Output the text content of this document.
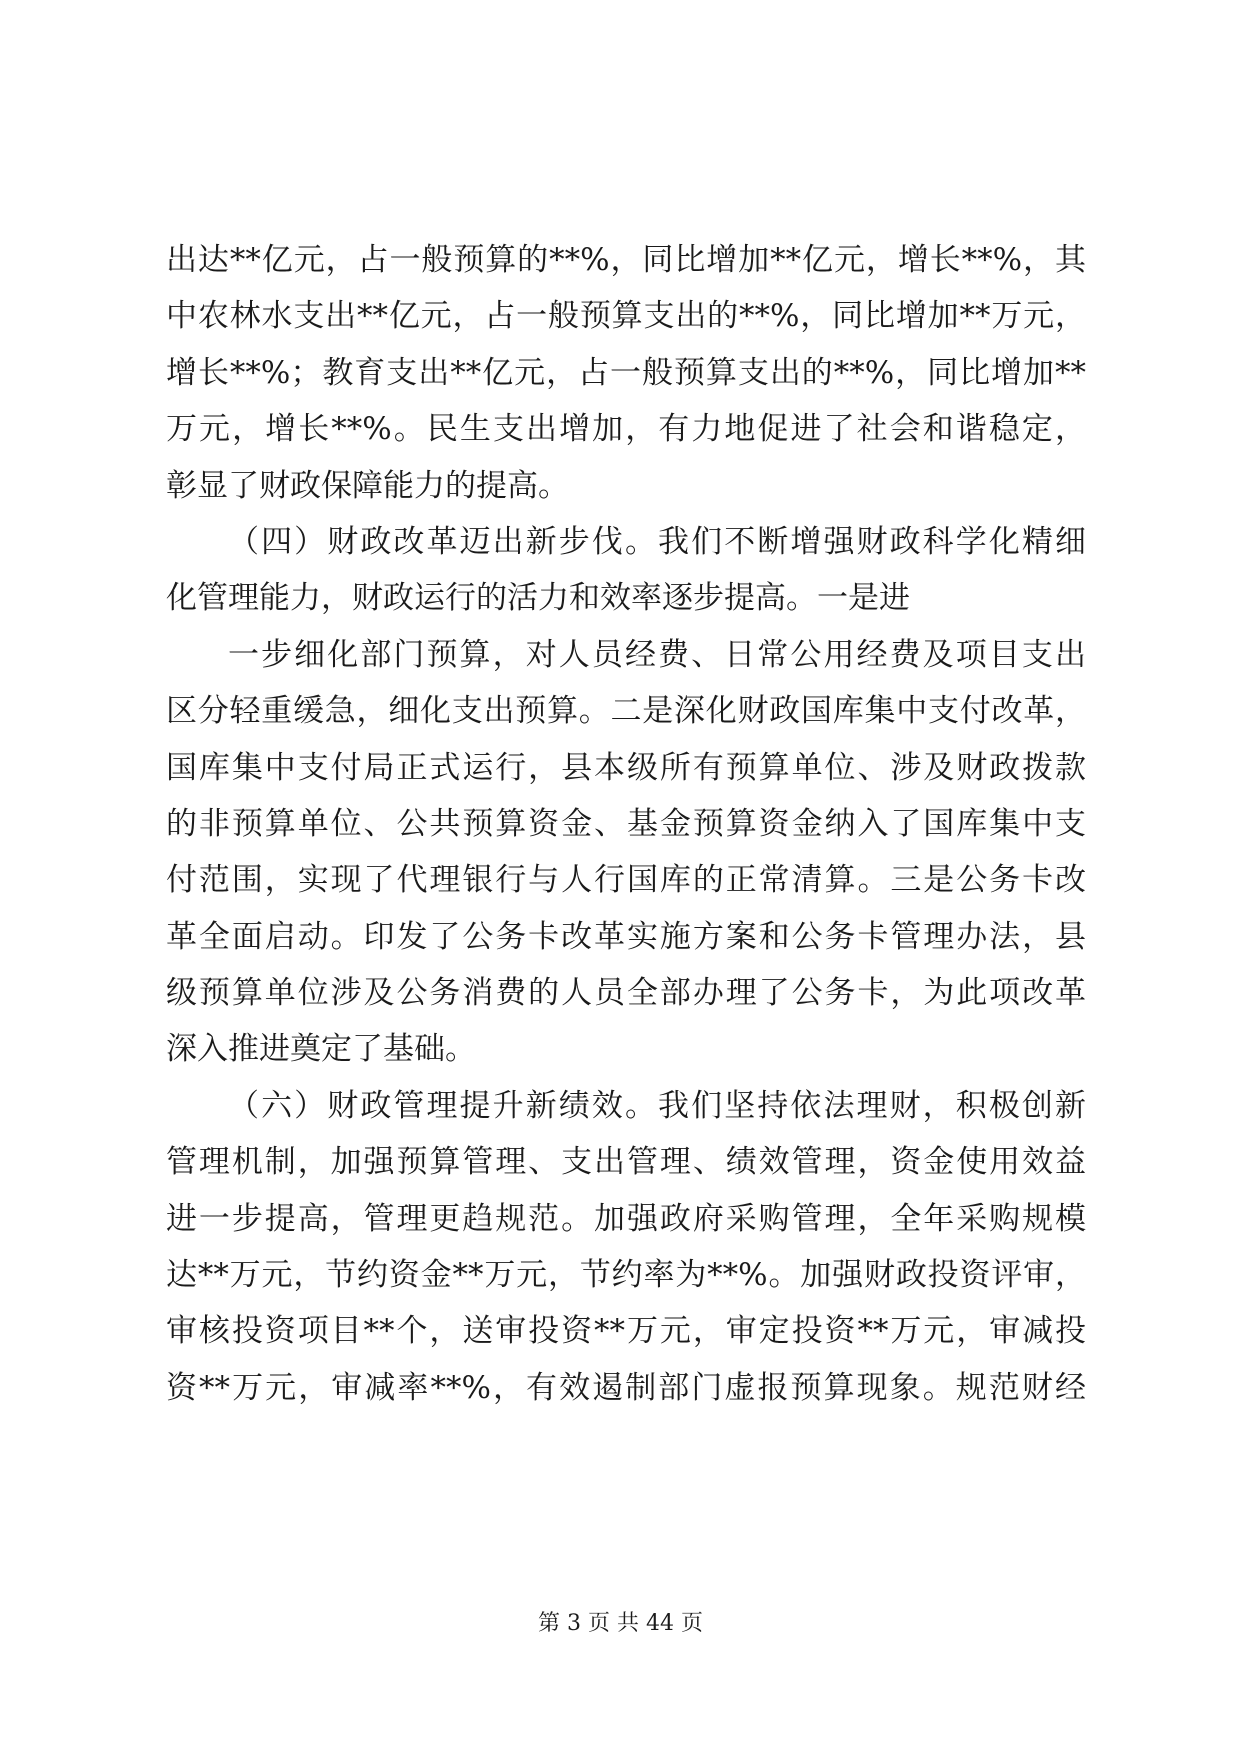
出达**亿元，占一般预算的**%，同比增加**亿元，增长**%，其
中农林水支出**亿元，占一般预算支出的**%，同比增加**万元，
增长**%；教育支出**亿元，占一般预算支出的**%，同比增加**
万元，增长**%。民生支出增加，有力地促进了社会和谐稳定，
彰显了财政保障能力的提高。
（四）财政改革迈出新步伐。我们不断增强财政科学化精细
化管理能力，财政运行的活力和效率逐步提高。一是进
一步细化部门预算，对人员经费、日常公用经费及项目支出
区分轻重缓急，细化支出预算。二是深化财政国库集中支付改革，
国库集中支付局正式运行，县本级所有预算单位、涉及财政拨款
的非预算单位、公共预算资金、基金预算资金纳入了国库集中支
付范围，实现了代理银行与人行国库的正常清算。三是公务卡改
革全面启动。印发了公务卡改革实施方案和公务卡管理办法，县
级预算单位涉及公务消费的人员全部办理了公务卡，为此项改革
深入推进奠定了基础。
（六）财政管理提升新绩效。我们坚持依法理财，积极创新
管理机制，加强预算管理、支出管理、绩效管理，资金使用效益
进一步提高，管理更趋规范。加强政府采购管理，全年采购规模
达**万元，节约资金**万元，节约率为**%。加强财政投资评审，
审核投资项目**个，送审投资**万元，审定投资**万元，审减投
资**万元，审减率**%，有效遏制部门虚报预算现象。规范财经
第 3 页 共 44 页
